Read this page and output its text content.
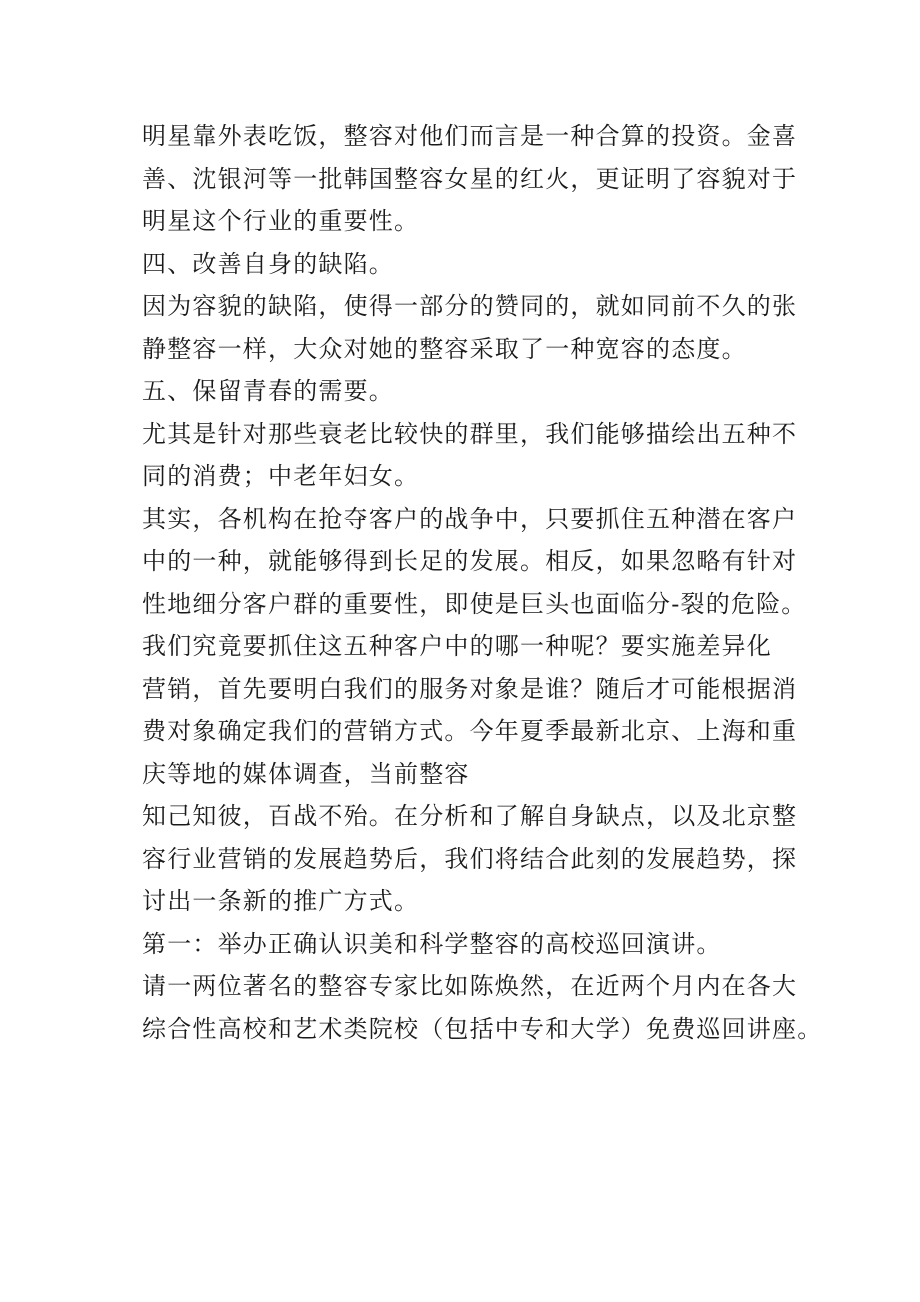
明星靠外表吃饭，整容对他们而言是一种合算的投资。金喜
善、沈银河等一批韩国整容女星的红火，更证明了容貌对于
明星这个行业的重要性。
四、改善自身的缺陷。
因为容貌的缺陷，使得一部分的赞同的，就如同前不久的张
静整容一样，大众对她的整容采取了一种宽容的态度。
五、保留青春的需要。
尤其是针对那些衰老比较快的群里，我们能够描绘出五种不
同的消费；中老年妇女。
其实，各机构在抢夺客户的战争中，只要抓住五种潜在客户
中的一种，就能够得到长足的发展。相反，如果忽略有针对
性地细分客户群的重要性，即使是巨头也面临分-裂的危险。
我们究竟要抓住这五种客户中的哪一种呢？要实施差异化
营销，首先要明白我们的服务对象是谁？随后才可能根据消
费对象确定我们的营销方式。今年夏季最新北京、上海和重
庆等地的媒体调查，当前整容
知己知彼，百战不殆。在分析和了解自身缺点，以及北京整
容行业营销的发展趋势后，我们将结合此刻的发展趋势，探
讨出一条新的推广方式。
第一：举办正确认识美和科学整容的高校巡回演讲。
请一两位著名的整容专家比如陈焕然，在近两个月内在各大
综合性高校和艺术类院校（包括中专和大学）免费巡回讲座。
